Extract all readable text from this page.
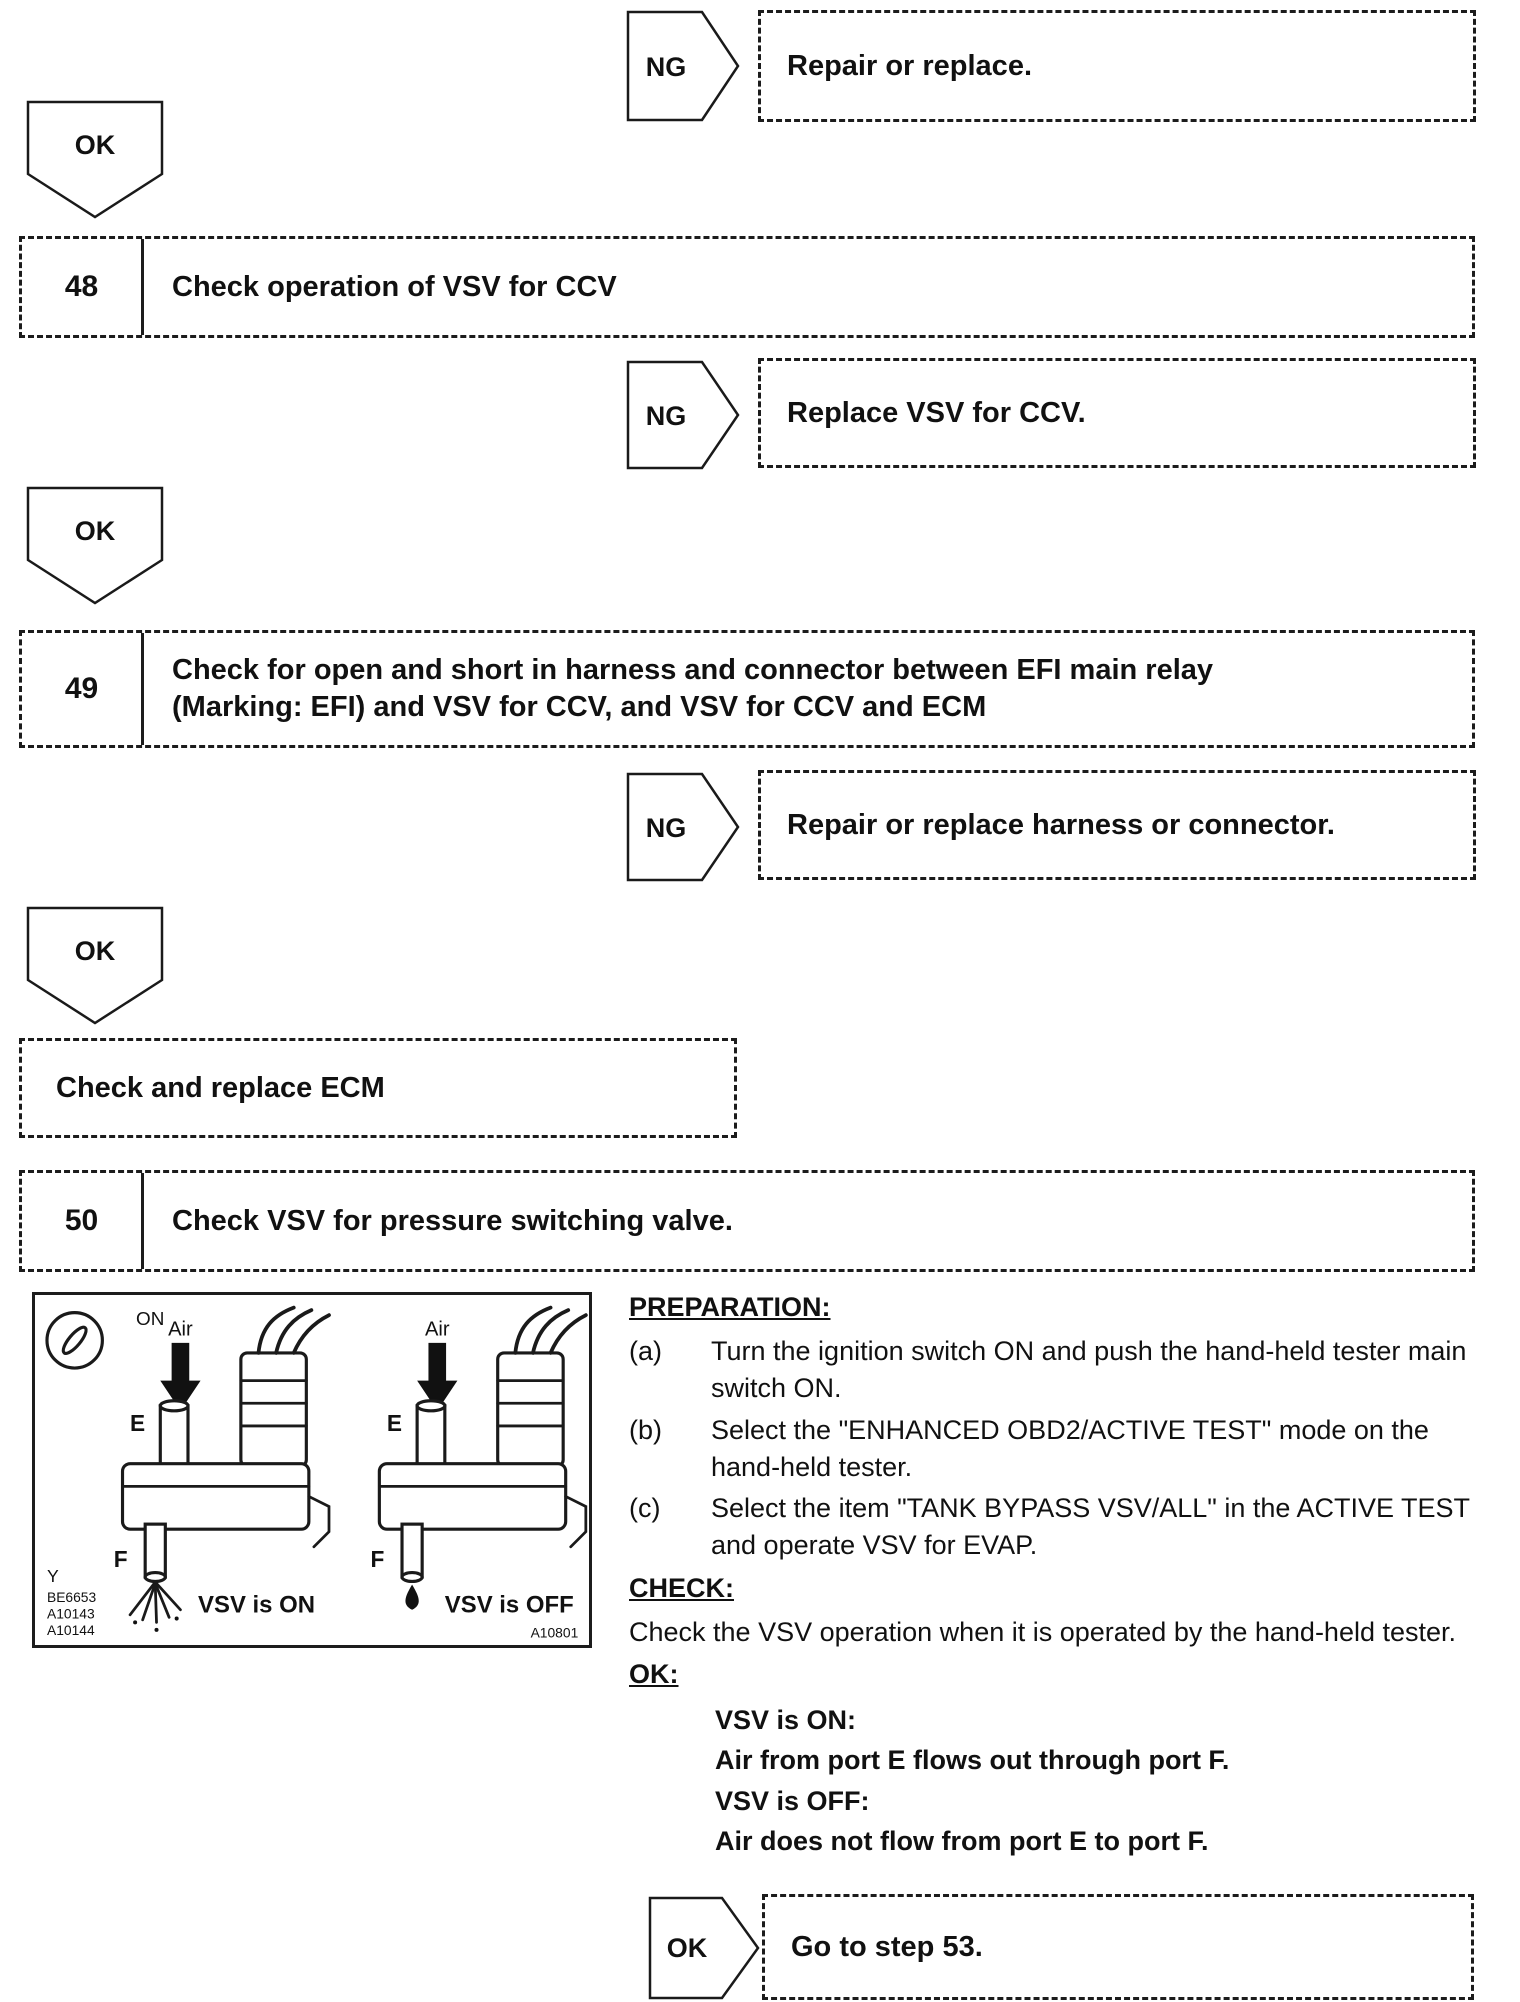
NG	Repair or replace.
OK
48	Check operation of VSV for CCV
NG	Replace VSV for CCV.
OK
49
Check for open and short in harness and connector between EFI main relay
(Marking: EFI) and VSV for CCV, and VSV for CCV and ECM
NG	Repair or replace harness or connector.
OK
Check and replace ECM
50	Check VSV for pressure switching valve.
ON Air
E
F
VSV is ON
Air
E
F
VSV is OFF
Y
BE6653
A10143
A10144	A10801
PREPARATION:
(a)	Turn the ignition switch ON and push the hand-held tester main switch ON.
(b)	Select the "ENHANCED OBD2/ACTIVE TEST" mode on the hand-held tester.
(c)	Select the item "TANK BYPASS VSV/ALL" in the ACTIVE TEST and operate VSV for EVAP.
CHECK:
Check the VSV operation when it is operated by the hand-held tester.
OK:
VSV is ON:
Air from port E flows out through port F.
VSV is OFF:
Air does not flow from port E to port F.
OK	Go to step 53.
